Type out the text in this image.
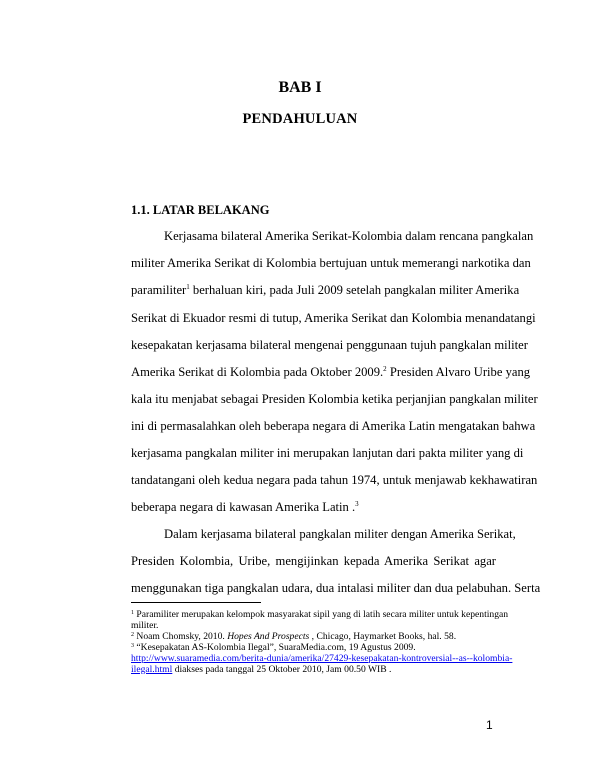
BAB I
PENDAHULUAN
1.1. LATAR BELAKANG
Kerjasama bilateral Amerika Serikat-Kolombia dalam rencana pangkalan
militer Amerika Serikat di Kolombia bertujuan untuk memerangi narkotika dan
paramiliter$^1$ berhaluan kiri, pada Juli 2009 setelah pangkalan militer Amerika
Serikat di Ekuador resmi di tutup, Amerika Serikat dan Kolombia menandatangi
kesepakatan kerjasama bilateral mengenai penggunaan tujuh pangkalan militer
Amerika Serikat di Kolombia pada Oktober 2009.$^2$ Presiden Alvaro Uribe yang
kala itu menjabat sebagai Presiden Kolombia ketika perjanjian pangkalan militer
ini di permasalahkan oleh beberapa negara di Amerika Latin mengatakan bahwa
kerjasama pangkalan militer ini merupakan lanjutan dari pakta militer yang di
tandatangani oleh kedua negara pada tahun 1974, untuk menjawab kekhawatiran
beberapa negara di kawasan Amerika Latin .$^3$
Dalam kerjasama bilateral pangkalan militer dengan Amerika Serikat,
Presiden Kolombia, Uribe, mengijinkan kepada Amerika Serikat agar
menggunakan tiga pangkalan udara, dua intalasi militer dan dua pelabuhan. Serta
$^1$ Paramiliter merupakan kelompok masyarakat sipil yang di latih secara militer untuk kepentingan
militer.
$^2$ Noam Chomsky, 2010. Hopes And Prospects , Chicago, Haymarket Books, hal. 58.
$^3$ “Kesepakatan AS-Kolombia Ilegal”, SuaraMedia.com, 19 Agustus 2009.
http://www.suaramedia.com/berita-dunia/amerika/27429-kesepakatan-kontroversial--as--kolombia-
ilegal.html diakses pada tanggal 25 Oktober 2010, Jam 00.50 WIB .
1
